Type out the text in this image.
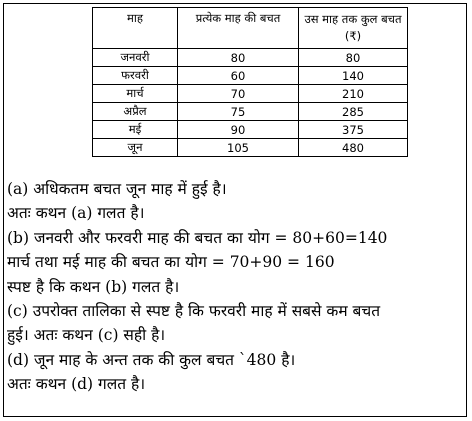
माह	प्रत्येक माह की बचत	उस माह तक कुल बचत (₹)
जनवरी	80	80
फरवरी	60	140
मार्च	70	210
अप्रैल	75	285
मई	90	375
जून	105	480
(a) अधिकतम बचत जून माह में हुई है।
अतः कथन (a) गलत है।
(b) जनवरी और फरवरी माह की बचत का योग = 80+60=140
मार्च तथा मई माह की बचत का योग = 70+90 = 160
स्पष्ट है कि कथन (b) गलत है।
(c) उपरोक्त तालिका से स्पष्ट है कि फरवरी माह में सबसे कम बचत
हुई। अतः कथन (c) सही है।
(d) जून माह के अन्त तक की कुल बचत `480 है।
अतः कथन (d) गलत है।
